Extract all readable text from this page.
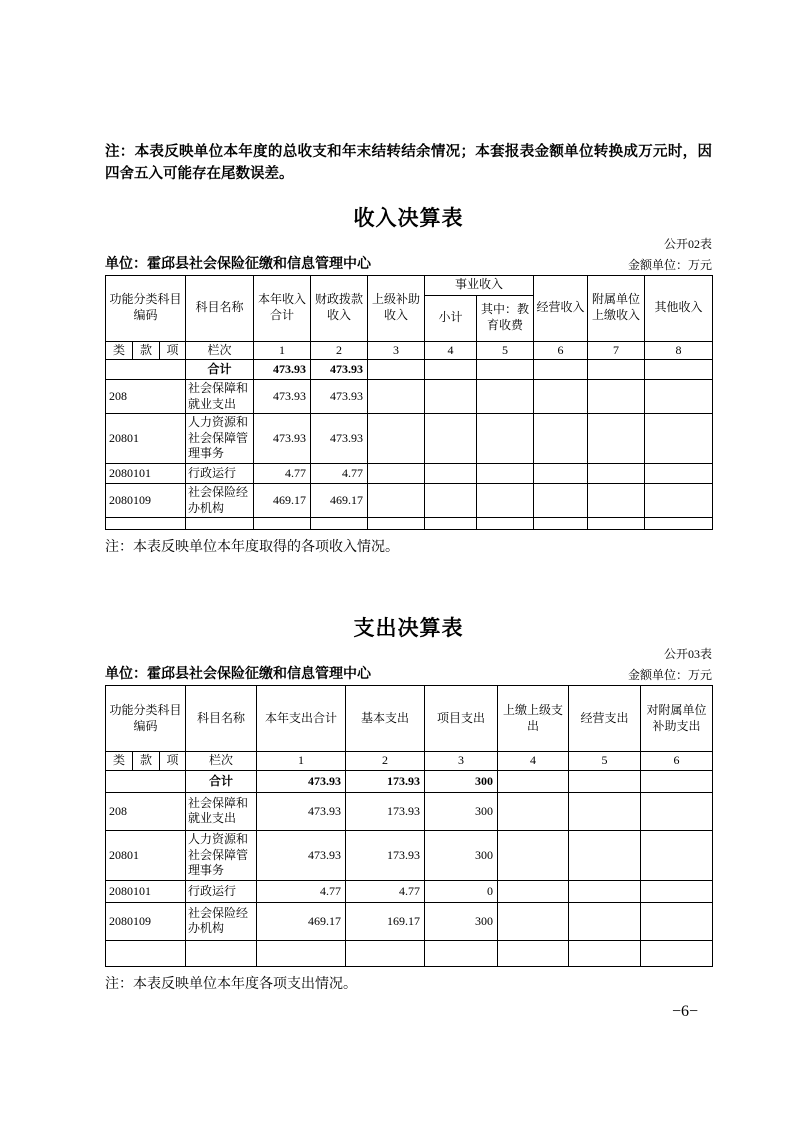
注：本表反映单位本年度的总收支和年末结转结余情况；本套报表金额单位转换成万元时，因四舍五入可能存在尾数误差。

收入决算表
公开02表
单位：霍邱县社会保险征缴和信息管理中心	金额单位：万元
功能分类科目编码			科目名称	本年收入合计	财政拨款收入	上级补助收入	事业收入		经营收入	附属单位上缴收入	其他收入
							小计	其中：教育收费			
类	款	项	栏次	1	2	3	4	5	6	7	8
			合计	473.93	473.93						
208			社会保障和就业支出	473.93	473.93						
20801			人力资源和社会保障管理事务	473.93	473.93						
2080101			行政运行	4.77	4.77						
2080109			社会保险经办机构	469.17	469.17						

注：本表反映单位本年度取得的各项收入情况。

支出决算表
公开03表
单位：霍邱县社会保险征缴和信息管理中心	金额单位：万元
功能分类科目编码			科目名称	本年支出合计	基本支出	项目支出	上缴上级支出	经营支出	对附属单位补助支出
类	款	项	栏次	1	2	3	4	5	6
			合计	473.93	173.93	300			
208			社会保障和就业支出	473.93	173.93	300			
20801			人力资源和社会保障管理事务	473.93	173.93	300			
2080101			行政运行	4.77	4.77	0			
2080109			社会保险经办机构	469.17	169.17	300			

注：本表反映单位本年度各项支出情况。

−6−
